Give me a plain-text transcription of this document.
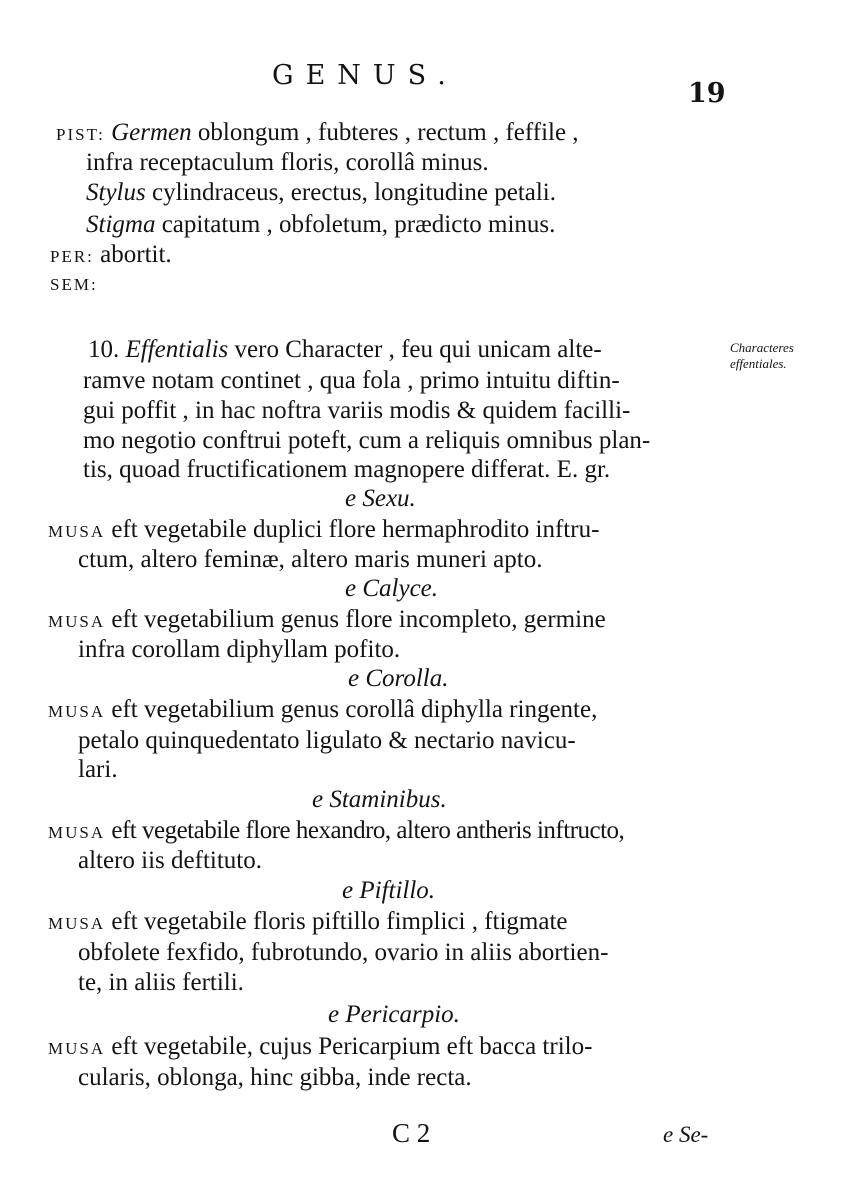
GENUS.
19
PIST: Germen oblongum , fubteres , rectum , feffile ,
infra receptaculum floris, corollâ minus.
Stylus cylindraceus, erectus, longitudine petali.
Stigma capitatum , obfoletum, prædicto minus.
PER: abortit.
SEM:
10. Effentialis vero Character , feu qui unicam alte-
ramve notam continet , qua fola , primo intuitu diftin-
gui poffit , in hac noftra variis modis & quidem facilli-
mo negotio conftrui poteft, cum a reliquis omnibus plan-
tis, quoad fructificationem magnopere differat. E. gr.
Characteres effentiales.
e Sexu.
MUSA eft vegetabile duplici flore hermaphrodito inftru-
ctum, altero feminæ, altero maris muneri apto.
e Calyce.
MUSA eft vegetabilium genus flore incompleto, germine
infra corollam diphyllam pofito.
e Corolla.
MUSA eft vegetabilium genus corollâ diphylla ringente,
petalo quinquedentato ligulato & nectario navicu-
lari.
e Staminibus.
MUSA eft vegetabile flore hexandro, altero antheris inftructo,
altero iis deftituto.
e Piftillo.
MUSA eft vegetabile floris piftillo fimplici , ftigmate
obfolete fexfido, fubrotundo, ovario in aliis abortien-
te, in aliis fertili.
e Pericarpio.
MUSA eft vegetabile, cujus Pericarpium eft bacca trilo-
cularis, oblonga, hinc gibba, inde recta.
C 2	e Se-
